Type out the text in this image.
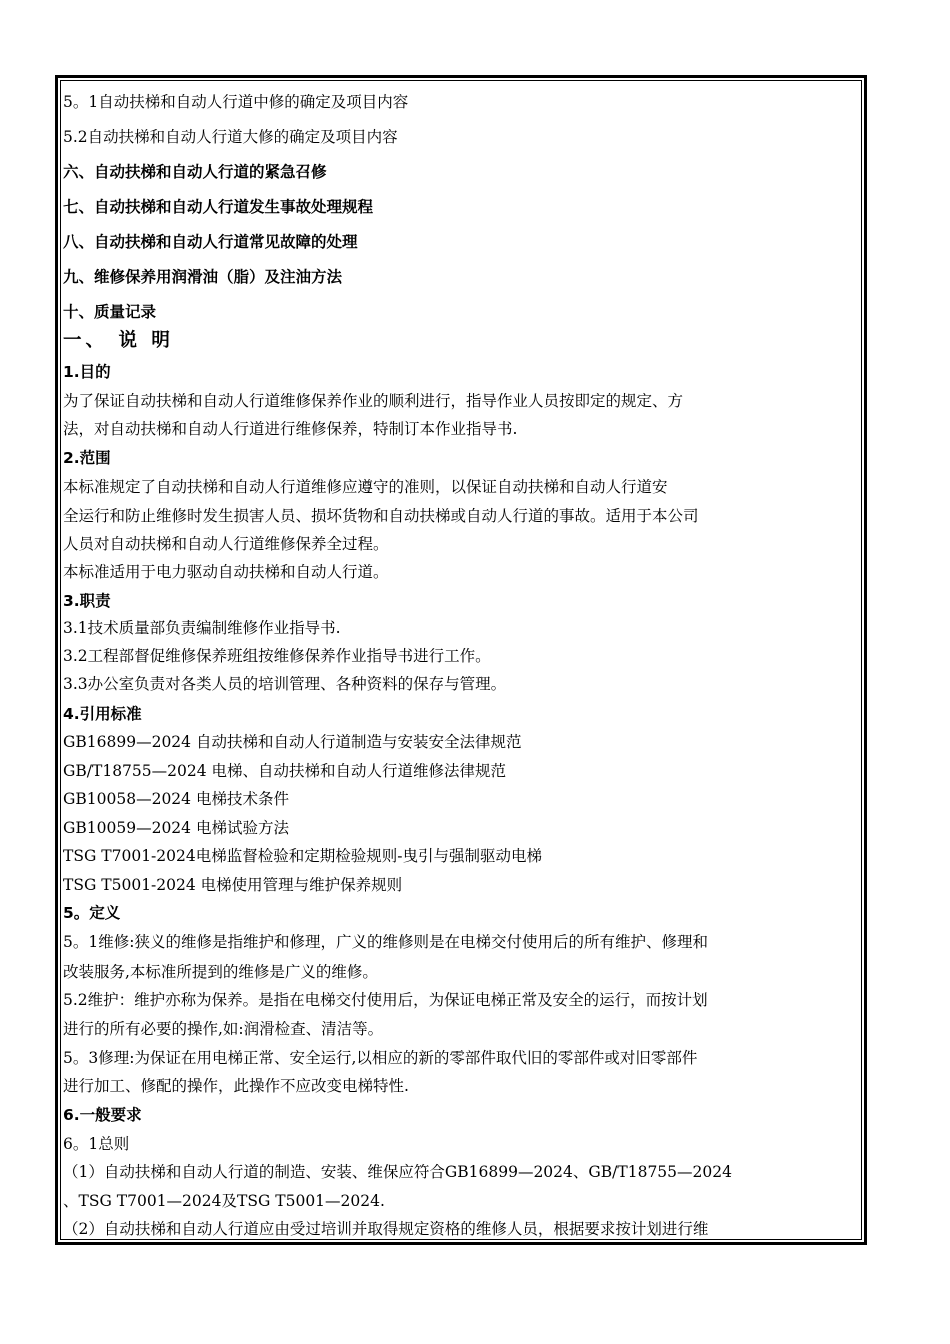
5。1自动扶梯和自动人行道中修的确定及项目内容
5.2自动扶梯和自动人行道大修的确定及项目内容
六、自动扶梯和自动人行道的紧急召修
七、自动扶梯和自动人行道发生事故处理规程
八、自动扶梯和自动人行道常见故障的处理
九、维修保养用润滑油（脂）及注油方法
十、质量记录
一、 说 明
1.目的
为了保证自动扶梯和自动人行道维修保养作业的顺利进行，指导作业人员按即定的规定、方
法，对自动扶梯和自动人行道进行维修保养，特制订本作业指导书.
2.范围
本标准规定了自动扶梯和自动人行道维修应遵守的准则，以保证自动扶梯和自动人行道安
全运行和防止维修时发生损害人员、损坏货物和自动扶梯或自动人行道的事故。适用于本公司
人员对自动扶梯和自动人行道维修保养全过程。
本标准适用于电力驱动自动扶梯和自动人行道。
3.职责
3.1技术质量部负责编制维修作业指导书.
3.2工程部督促维修保养班组按维修保养作业指导书进行工作。
3.3办公室负责对各类人员的培训管理、各种资料的保存与管理。
4.引用标准
GB16899—2024 自动扶梯和自动人行道制造与安装安全法律规范
GB/T18755—2024 电梯、自动扶梯和自动人行道维修法律规范
GB10058—2024 电梯技术条件
GB10059—2024 电梯试验方法
TSG T7001-2024电梯监督检验和定期检验规则-曳引与强制驱动电梯
TSG T5001-2024 电梯使用管理与维护保养规则
5。定义
5。1维修:狭义的维修是指维护和修理，广义的维修则是在电梯交付使用后的所有维护、修理和
改装服务,本标准所提到的维修是广义的维修。
5.2维护：维护亦称为保养。是指在电梯交付使用后，为保证电梯正常及安全的运行，而按计划
进行的所有必要的操作,如:润滑检查、清洁等。
5。3修理:为保证在用电梯正常、安全运行,以相应的新的零部件取代旧的零部件或对旧零部件
进行加工、修配的操作，此操作不应改变电梯特性.
6.一般要求
6。1总则
（1）自动扶梯和自动人行道的制造、安装、维保应符合GB16899—2024、GB/T18755—2024
、TSG T7001—2024及TSG T5001—2024.
（2）自动扶梯和自动人行道应由受过培训并取得规定资格的维修人员，根据要求按计划进行维
